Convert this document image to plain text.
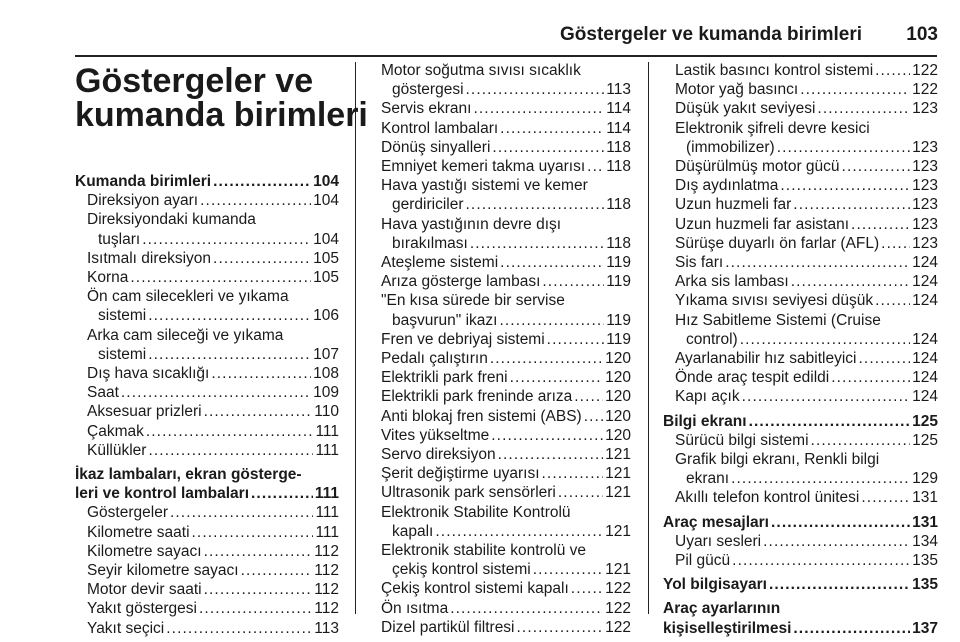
Göstergeler ve kumanda birimleri	103
Göstergeler ve
kumanda birimleri
Kumanda birimleri . . .	104
Direksiyon ayarı . . .	104
Direksiyondaki kumanda
tuşları . . .	104
Isıtmalı direksiyon . . .	105
Korna . . .	105
Ön cam silecekleri ve yıkama
sistemi . . .	106
Arka cam sileceği ve yıkama
sistemi . . .	107
Dış hava sıcaklığı . . .	108
Saat . . .	109
Aksesuar prizleri . . .	110
Çakmak . . .	111
Küllükler . . .	111
İkaz lambaları, ekran gösterge-
leri ve kontrol lambaları . . .	111
Göstergeler . . .	111
Kilometre saati . . .	111
Kilometre sayacı . . .	112
Seyir kilometre sayacı . . .	112
Motor devir saati . . .	112
Yakıt göstergesi . . .	112
Yakıt seçici . . .	113
Motor soğutma sıvısı sıcaklık
göstergesi . . .	113
Servis ekranı . . .	114
Kontrol lambaları . . .	114
Dönüş sinyalleri . . .	118
Emniyet kemeri takma uyarısı . . . 118
Hava yastığı sistemi ve kemer
gerdiriciler . . .	118
Hava yastığının devre dışı
bırakılması . . .	118
Ateşleme sistemi . . .	119
Arıza gösterge lambası . . .	119
"En kısa sürede bir servise
başvurun" ikazı . . .	119
Fren ve debriyaj sistemi . . .	119
Pedalı çalıştırın . . .	120
Elektrikli park freni . . .	120
Elektrikli park freninde arıza . . . 120
Anti blokaj fren sistemi (ABS) . . . 120
Vites yükseltme . . .	120
Servo direksiyon . . .	121
Şerit değiştirme uyarısı . . .	121
Ultrasonik park sensörleri . . .	121
Elektronik Stabilite Kontrolü
kapalı . . .	121
Elektronik stabilite kontrolü ve
çekiş kontrol sistemi . . .	121
Çekiş kontrol sistemi kapalı . . . 122
Ön ısıtma . . .	122
Dizel partikül filtresi . . .	122
Lastik basıncı kontrol sistemi . . .	122
Motor yağ basıncı . . .	122
Düşük yakıt seviyesi . . .	123
Elektronik şifreli devre kesici
(immobilizer) . . .	123
Düşürülmüş motor gücü . . .	123
Dış aydınlatma . . .	123
Uzun huzmeli far . . .	123
Uzun huzmeli far asistanı . . .	123
Sürüşe duyarlı ön farlar (AFL) . . . 123
Sis farı . . .	124
Arka sis lambası . . .	124
Yıkama sıvısı seviyesi düşük . . .	124
Hız Sabitleme Sistemi (Cruise
control) . . .	124
Ayarlanabilir hız sabitleyici . . .	124
Önde araç tespit edildi . . .	124
Kapı açık . . .	124
Bilgi ekranı . . .	125
Sürücü bilgi sistemi . . .	125
Grafik bilgi ekranı, Renkli bilgi
ekranı . . .	129
Akıllı telefon kontrol ünitesi . . .	131
Araç mesajları . . .	131
Uyarı sesleri . . .	134
Pil gücü . . .	135
Yol bilgisayarı . . .	135
Araç ayarlarının
kişiselleştirilmesi . . .	137
